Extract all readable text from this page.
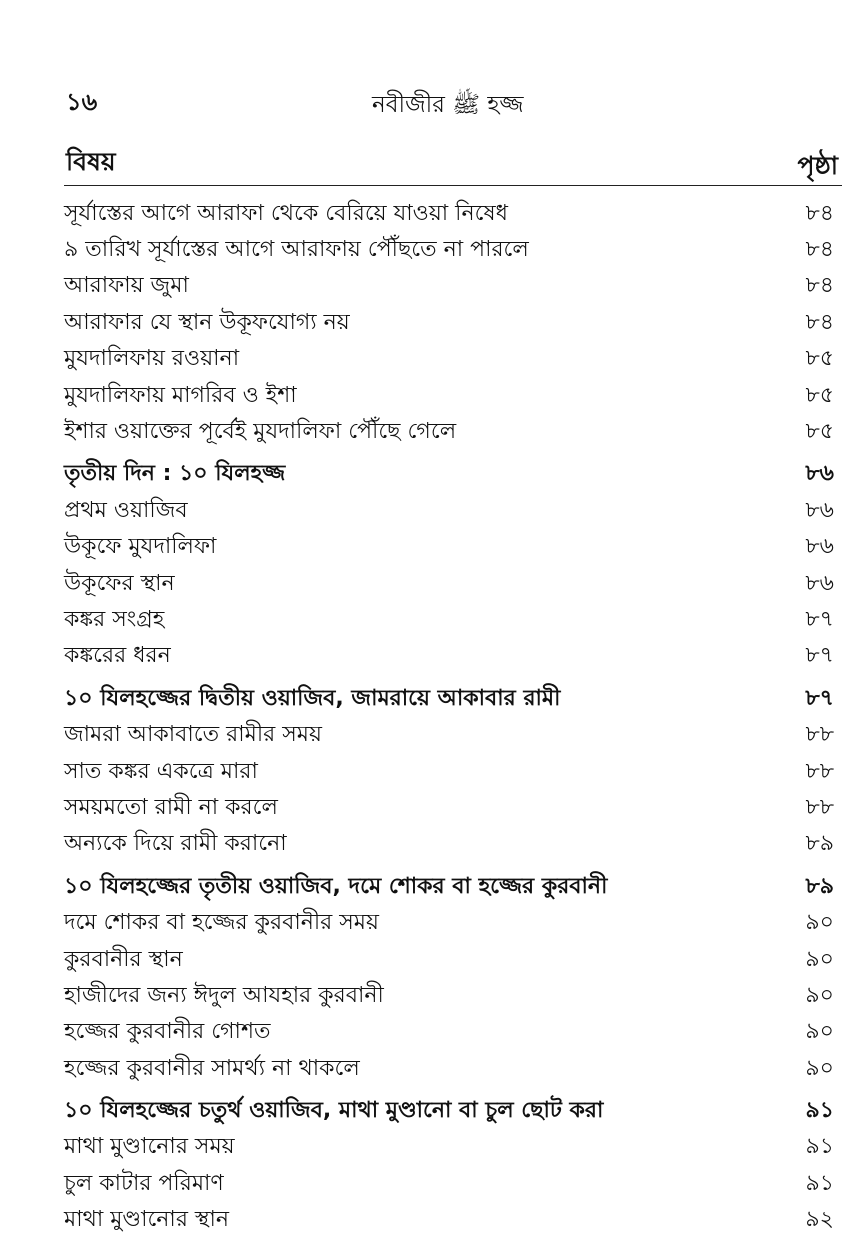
১৬	নবীজীর ﷺ হজ্জ
বিষয়	পৃষ্ঠা
সূর্যাস্তের আগে আরাফা থেকে বেরিয়ে যাওয়া নিষেধ	৮৪
৯ তারিখ সূর্যাস্তের আগে আরাফায় পৌঁছতে না পারলে	৮৪
আরাফায় জুমা	৮৪
আরাফার যে স্থান উকূফযোগ্য নয়	৮৪
মুযদালিফায় রওয়ানা	৮৫
মুযদালিফায় মাগরিব ও ইশা	৮৫
ইশার ওয়াক্তের পূর্বেই মুযদালিফা পৌঁছে গেলে	৮৫
তৃতীয় দিন : ১০ যিলহজ্জ	৮৬
প্রথম ওয়াজিব	৮৬
উকূফে মুযদালিফা	৮৬
উকূফের স্থান	৮৬
কঙ্কর সংগ্রহ	৮৭
কঙ্করের ধরন	৮৭
১০ যিলহজ্জের দ্বিতীয় ওয়াজিব, জামরায়ে আকাবার রামী	৮৭
জামরা আকাবাতে রামীর সময়	৮৮
সাত কঙ্কর একত্রে মারা	৮৮
সময়মতো রামী না করলে	৮৮
অন্যকে দিয়ে রামী করানো	৮৯
১০ যিলহজ্জের তৃতীয় ওয়াজিব, দমে শোকর বা হজ্জের কুরবানী	৮৯
দমে শোকর বা হজ্জের কুরবানীর সময়	৯০
কুরবানীর স্থান	৯০
হাজীদের জন্য ঈদুল আযহার কুরবানী	৯০
হজ্জের কুরবানীর গোশত	৯০
হজ্জের কুরবানীর সামর্থ্য না থাকলে	৯০
১০ যিলহজ্জের চতুর্থ ওয়াজিব, মাথা মুণ্ডানো বা চুল ছোট করা	৯১
মাথা মুণ্ডানোর সময়	৯১
চুল কাটার পরিমাণ	৯১
মাথা মুণ্ডানোর স্থান	৯২
